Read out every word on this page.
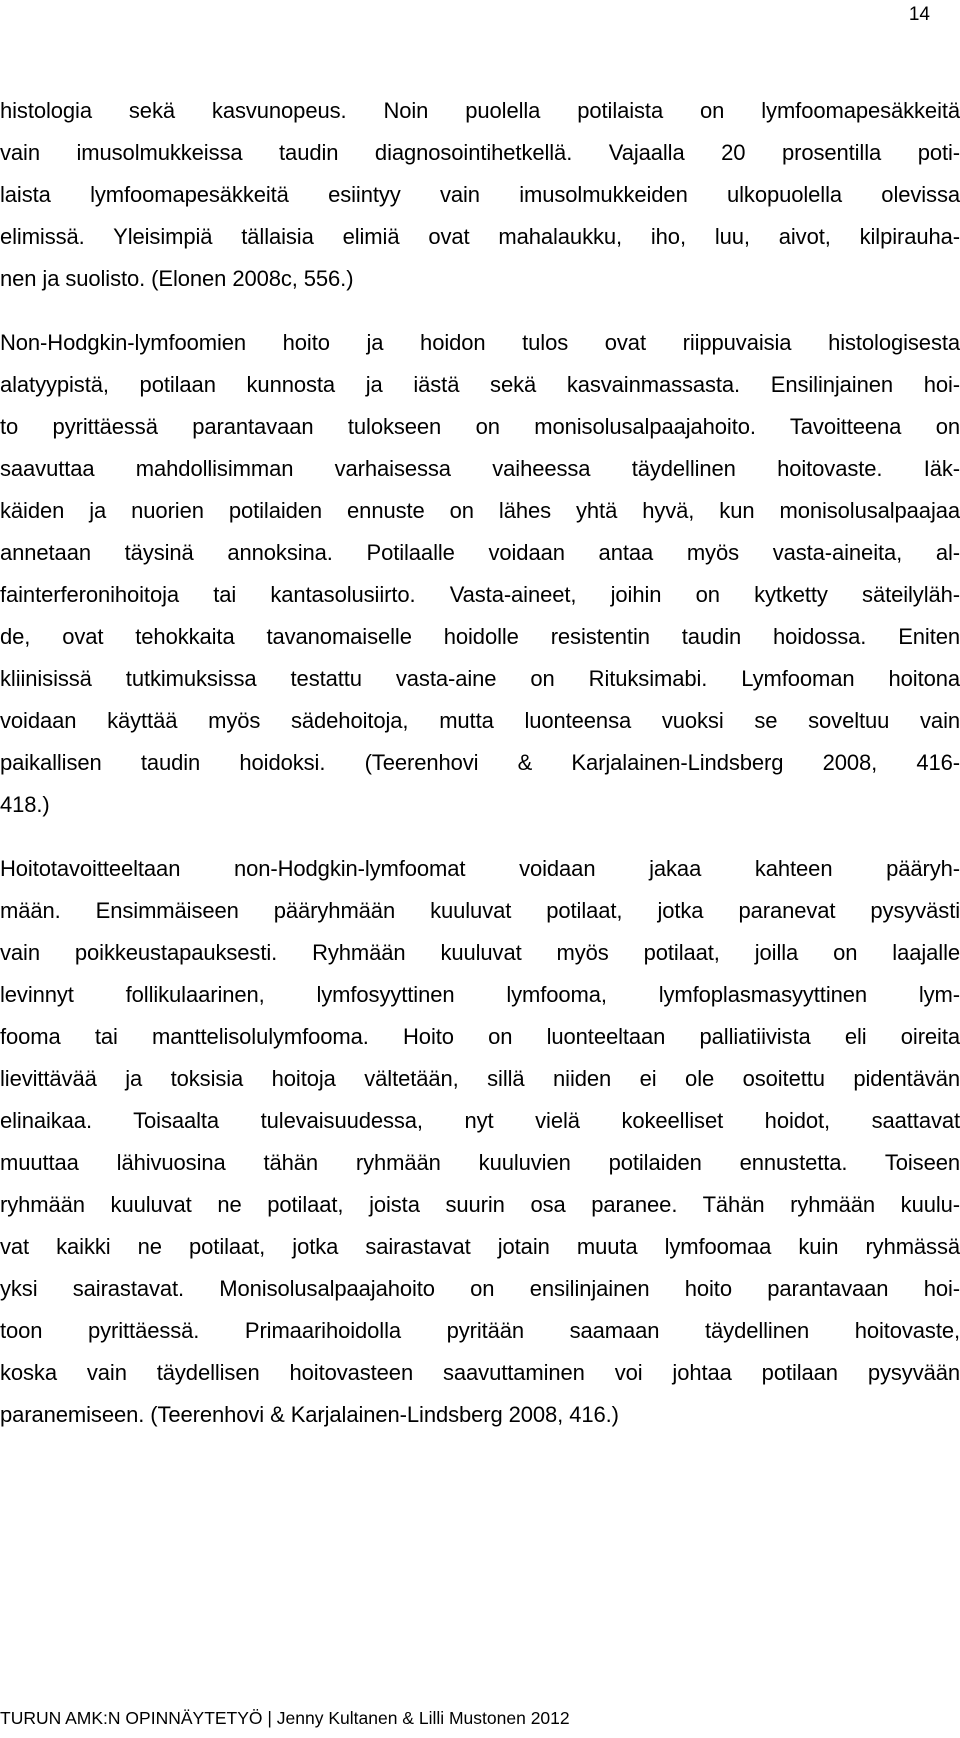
14
histologia sekä kasvunopeus. Noin puolella potilaista on lymfoomapesäkkeitä
vain imusolmukkeissa taudin diagnosointihetkellä. Vajaalla 20 prosentilla poti-
laista lymfoomapesäkkeitä esiintyy vain imusolmukkeiden ulkopuolella olevissa
elimissä. Yleisimpiä tällaisia elimiä ovat mahalaukku, iho, luu, aivot, kilpirauha-
nen ja suolisto. (Elonen 2008c, 556.)
Non-Hodgkin-lymfoomien hoito ja hoidon tulos ovat riippuvaisia histologisesta
alatyypistä, potilaan kunnosta ja iästä sekä kasvainmassasta. Ensilinjainen hoi-
to pyrittäessä parantavaan tulokseen on monisolusalpaajahoito. Tavoitteena on
saavuttaa mahdollisimman varhaisessa vaiheessa täydellinen hoitovaste. Iäk-
käiden ja nuorien potilaiden ennuste on lähes yhtä hyvä, kun monisolusalpaajaa
annetaan täysinä annoksina. Potilaalle voidaan antaa myös vasta-aineita, al-
fainterferonihoitoja tai kantasolusiirto. Vasta-aineet, joihin on kytketty säteilyläh-
de, ovat tehokkaita tavanomaiselle hoidolle resistentin taudin hoidossa. Eniten
kliinisissä tutkimuksissa testattu vasta-aine on Rituksimabi. Lymfooman hoitona
voidaan käyttää myös sädehoitoja, mutta luonteensa vuoksi se soveltuu vain
paikallisen taudin hoidoksi. (Teerenhovi & Karjalainen-Lindsberg 2008, 416-
418.)
Hoitotavoitteeltaan non-Hodgkin-lymfoomat voidaan jakaa kahteen pääryh-
mään. Ensimmäiseen pääryhmään kuuluvat potilaat, jotka paranevat pysyvästi
vain poikkeustapauksesti. Ryhmään kuuluvat myös potilaat, joilla on laajalle
levinnyt follikulaarinen, lymfosyyttinen lymfooma, lymfoplasmasyyttinen lym-
fooma tai manttelisolulymfooma. Hoito on luonteeltaan palliatiivista eli oireita
lievittävää ja toksisia hoitoja vältetään, sillä niiden ei ole osoitettu pidentävän
elinaikaa. Toisaalta tulevaisuudessa, nyt vielä kokeelliset hoidot, saattavat
muuttaa lähivuosina tähän ryhmään kuuluvien potilaiden ennustetta. Toiseen
ryhmään kuuluvat ne potilaat, joista suurin osa paranee. Tähän ryhmään kuulu-
vat kaikki ne potilaat, jotka sairastavat jotain muuta lymfoomaa kuin ryhmässä
yksi sairastavat. Monisolusalpaajahoito on ensilinjainen hoito parantavaan hoi-
toon pyrittäessä. Primaarihoidolla pyritään saamaan täydellinen hoitovaste,
koska vain täydellisen hoitovasteen saavuttaminen voi johtaa potilaan pysyvään
paranemiseen. (Teerenhovi & Karjalainen-Lindsberg 2008, 416.)
TURUN AMK:N OPINNÄYTETYÖ | Jenny Kultanen & Lilli Mustonen 2012
